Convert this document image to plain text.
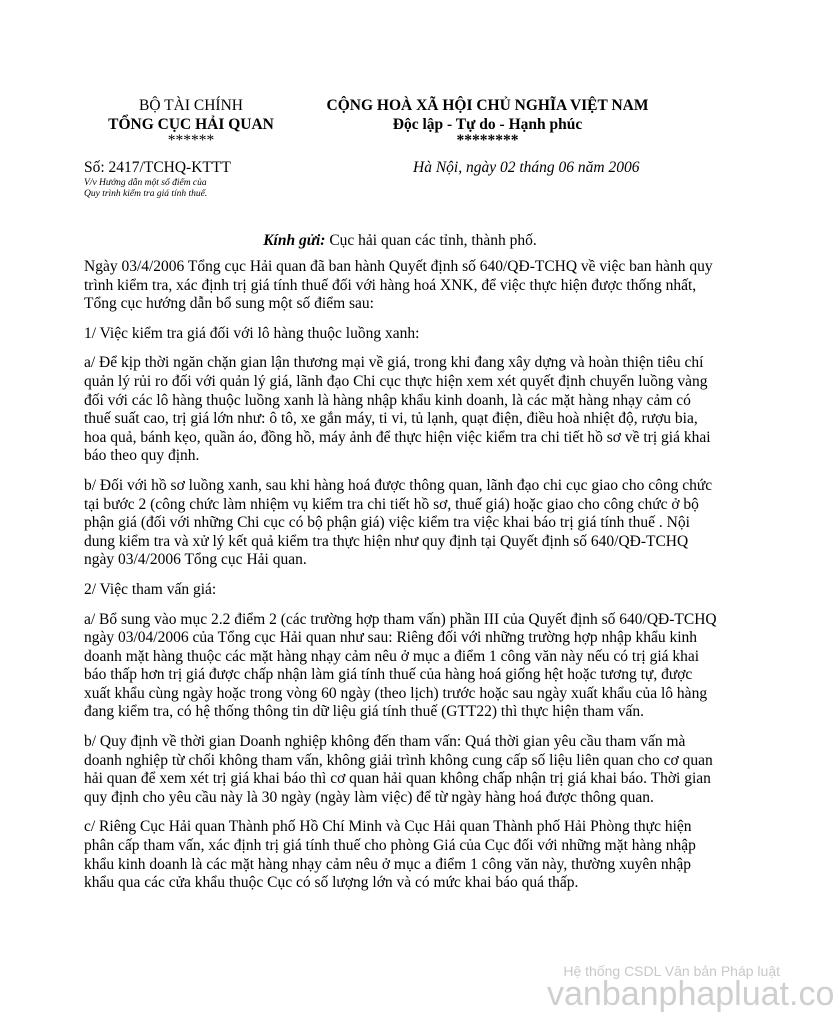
BỘ TÀI CHÍNH
TỔNG CỤC HẢI QUAN
******
CỘNG HOÀ XÃ HỘI CHỦ NGHĨA VIỆT NAM
Độc lập - Tự do - Hạnh phúc
********
Số: 2417/TCHQ-KTTT	Hà Nội, ngày 02 tháng 06 năm 2006
V/v Hướng dẫn một số điểm của
Quy trình kiểm tra giá tính thuế.
Kính gửi: Cục hải quan các tỉnh, thành phố.

Ngày 03/4/2006 Tổng cục Hải quan đã ban hành Quyết định số 640/QĐ-TCHQ về việc ban hành quy trình kiểm tra, xác định trị giá tính thuế đối với hàng hoá XNK, để việc thực hiện được thống nhất, Tổng cục hướng dẫn bổ sung một số điểm sau:

1/ Việc kiểm tra giá đối với lô hàng thuộc luồng xanh:

a/ Để kịp thời ngăn chặn gian lận thương mại về giá, trong khi đang xây dựng và hoàn thiện tiêu chí quản lý rủi ro đối với quản lý giá, lãnh đạo Chi cục thực hiện xem xét quyết định chuyển luồng vàng đối với các lô hàng thuộc luồng xanh là hàng nhập khẩu kinh doanh, là các mặt hàng nhạy cảm có thuế suất cao, trị giá lớn như: ô tô, xe gắn máy, ti vi, tủ lạnh, quạt điện, điều hoà nhiệt độ, rượu bia, hoa quả, bánh kẹo, quần áo, đồng hồ, máy ảnh để thực hiện việc kiểm tra chi tiết hồ sơ về trị giá khai báo theo quy định.

b/ Đối với hồ sơ luồng xanh, sau khi hàng hoá được thông quan, lãnh đạo chi cục giao cho công chức tại bước 2 (công chức làm nhiệm vụ kiểm tra chi tiết hồ sơ, thuế giá) hoặc giao cho công chức ở bộ phận giá (đối với những Chi cục có bộ phận giá) việc kiểm tra việc khai báo trị giá tính thuế . Nội dung kiểm tra và xử lý kết quả kiểm tra thực hiện như quy định tại Quyết định số 640/QĐ-TCHQ ngày 03/4/2006 Tổng cục Hải quan.

2/ Việc tham vấn giá:

a/ Bổ sung vào mục 2.2 điểm 2 (các trường hợp tham vấn) phần III của Quyết định số 640/QĐ-TCHQ ngày 03/04/2006 của Tổng cục Hải quan như sau: Riêng đối với những trường hợp nhập khẩu kinh doanh mặt hàng thuộc các mặt hàng nhạy cảm nêu ở mục a điểm 1 công văn này nếu có trị giá khai báo thấp hơn trị giá được chấp nhận làm giá tính thuế của hàng hoá giống hệt hoặc tương tự, được xuất khẩu cùng ngày hoặc trong vòng 60 ngày (theo lịch) trước hoặc sau ngày xuất khẩu của lô hàng đang kiểm tra, có hệ thống thông tin dữ liệu giá tính thuế (GTT22) thì thực hiện tham vấn.

b/ Quy định về thời gian Doanh nghiệp không đến tham vấn: Quá thời gian yêu cầu tham vấn mà doanh nghiệp từ chối không tham vấn, không giải trình không cung cấp số liệu liên quan cho cơ quan hải quan để xem xét trị giá khai báo thì cơ quan hải quan không chấp nhận trị giá khai báo. Thời gian quy định cho yêu cầu này là 30 ngày (ngày làm việc) để từ ngày hàng hoá được thông quan.

c/ Riêng Cục Hải quan Thành phố Hồ Chí Minh và Cục Hải quan Thành phố Hải Phòng thực hiện phân cấp tham vấn, xác định trị giá tính thuế cho phòng Giá của Cục đối với những mặt hàng nhập khẩu kinh doanh là các mặt hàng nhạy cảm nêu ở mục a điểm 1 công văn này, thường xuyên nhập khẩu qua các cửa khẩu thuộc Cục có số lượng lớn và có mức khai báo quá thấp.

Hệ thống CSDL Văn bản Pháp luật
vanbanphapluat.co
